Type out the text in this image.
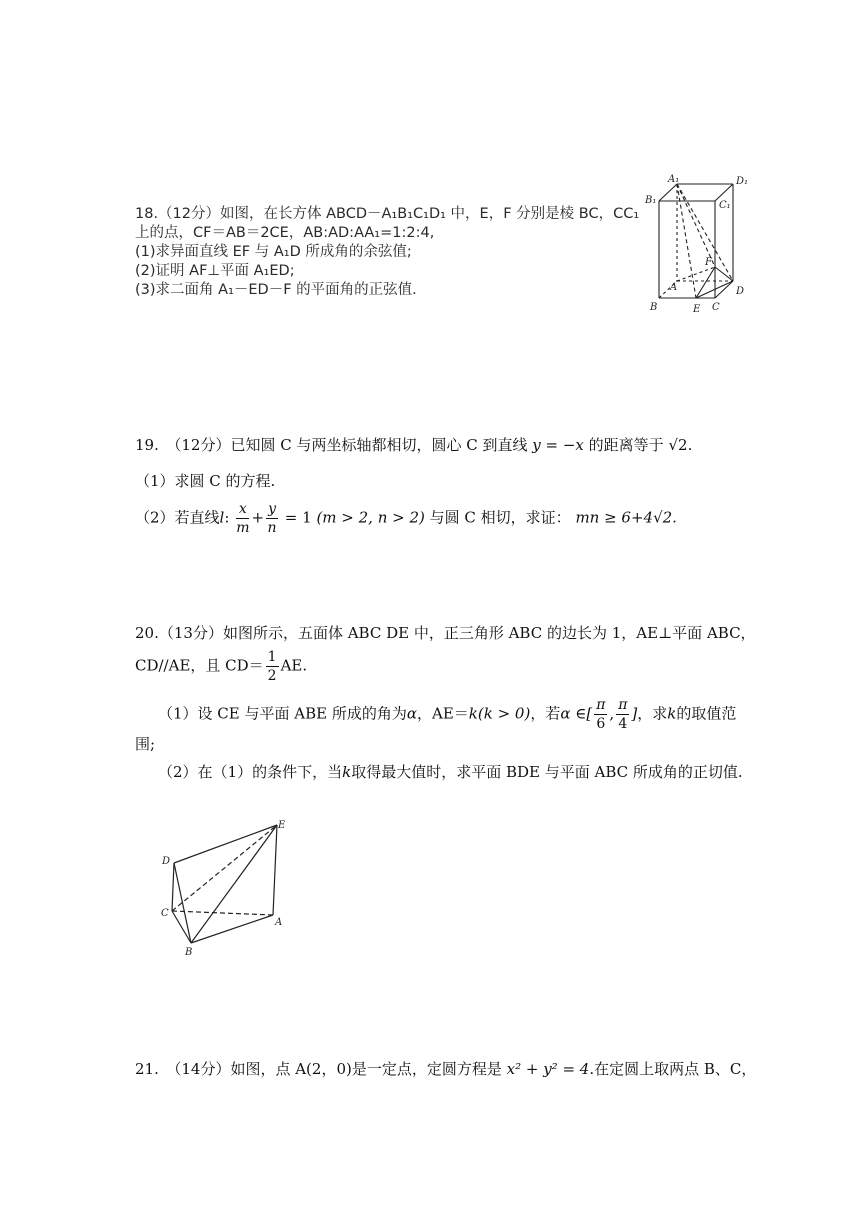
18.（12分）如图，在长方体 ABCD－A₁B₁C₁D₁ 中，E，F 分别是棱 BC，CC₁
上的点，CF＝AB＝2CE，AB:AD:AA₁=1:2:4,
(1)求异面直线 EF 与 A₁D 所成角的余弦值;
(2)证明 AF⊥平面 A₁ED;
(3)求二面角 A₁－ED－F 的平面角的正弦值.
A₁	D₁
B₁	C₁
F
A	D
B	E C
19.　（12分）已知圆 C 与两坐标轴都相切，圆心 C 到直线 y = −x 的距离等于 √2.
（1）求圆 C 的方程.
（2）若直线l: $\frac{x}{m} + \frac{y}{n} = 1$ (m > 2, n > 2) 与圆 C 相切，求证： mn ≥ 6+4√2.
20.（13分）如图所示，五面体 ABC DE 中，正三角形 ABC 的边长为 1，AE⊥平面 ABC，
CD//AE，且 $CD= \frac{1}{2}$ AE.
（1）设 CE 与平面 ABE 所成的角为α，AE＝k(k > 0)，若α ∈[ $\frac{\pi}{6}$ , $\frac{\pi}{4}$ ]，求k的取值范
围;
（2）在（1）的条件下，当k取得最大值时，求平面 BDE 与平面 ABC 所成角的正切值.
E
D
C
A
B
21.　（14分）如图，点 A(2，0)是一定点，定圆方程是 x² + y² = 4.在定圆上取两点 B、C，
